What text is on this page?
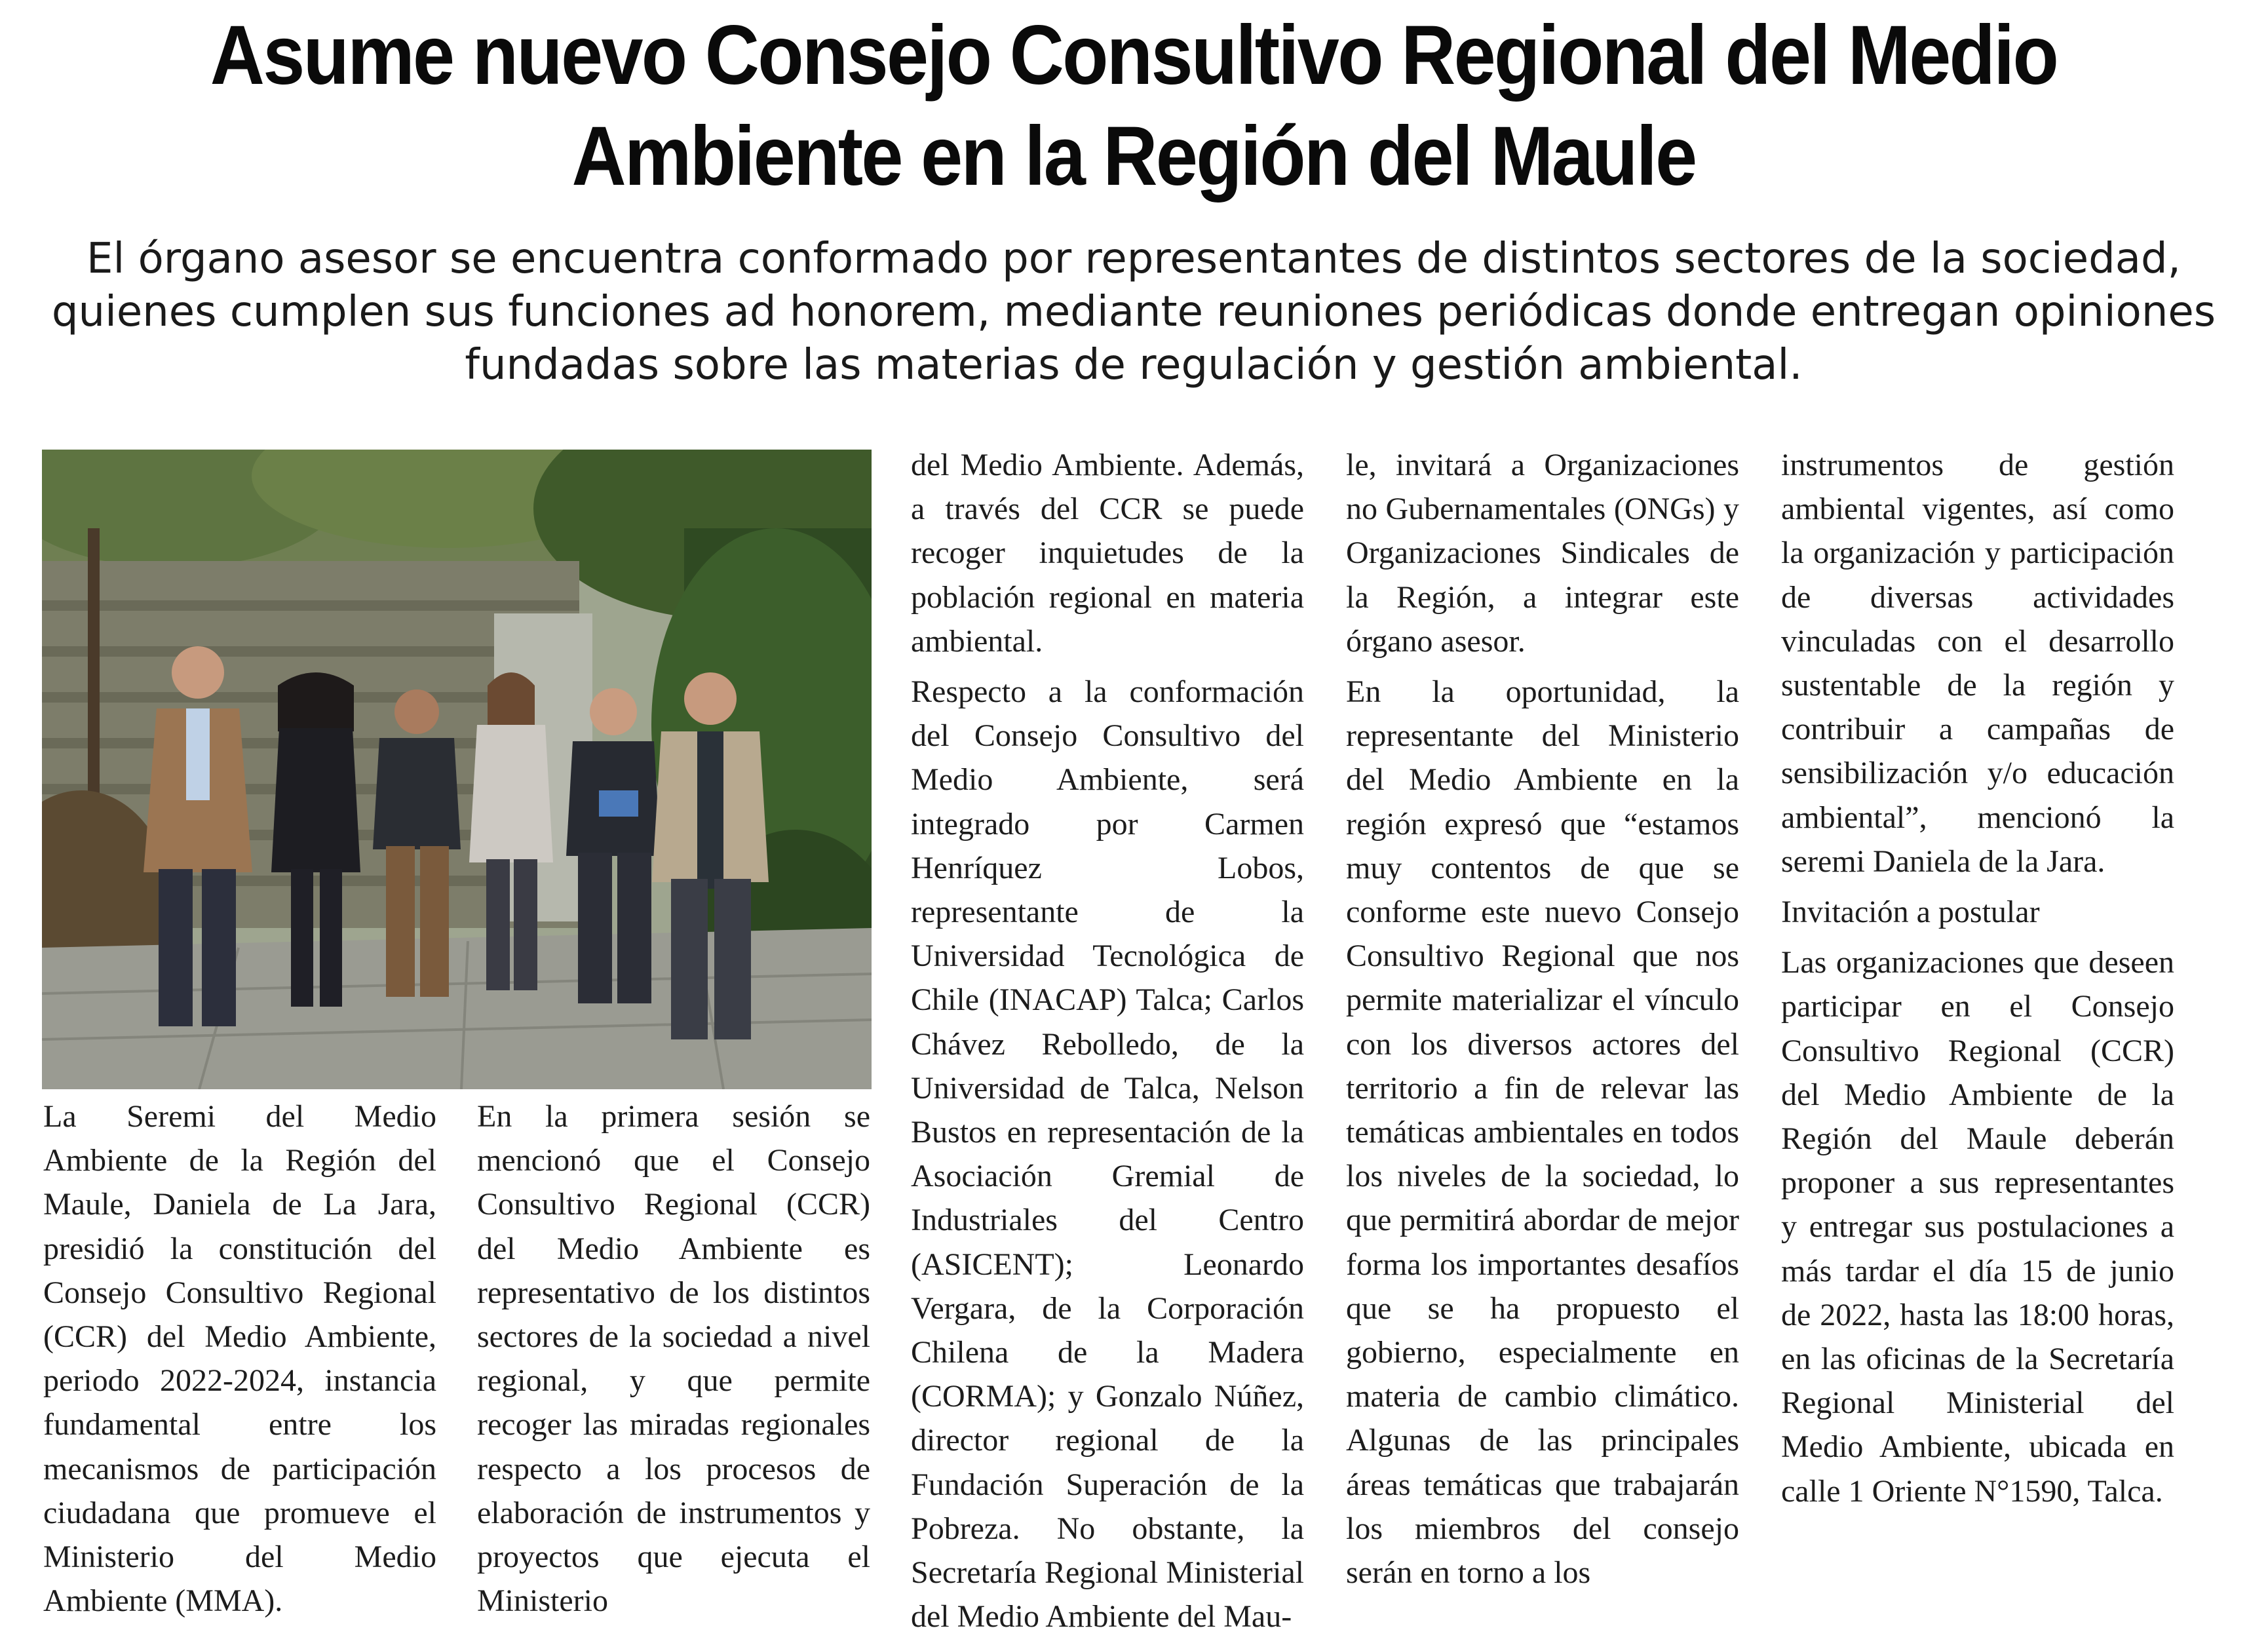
Asume nuevo Consejo Consultivo Regional del Medio Ambiente en la Región del Maule

El órgano asesor se encuentra conformado por representantes de distintos sectores de la sociedad, quienes cumplen sus funciones ad honorem, mediante reuniones periódicas donde entregan opiniones fundadas sobre las materias de regulación y gestión ambiental.

La Seremi del Medio Ambiente de la Región del Maule, Daniela de La Jara, presidió la constitución del Consejo Consultivo Regional (CCR) del Medio Ambiente, periodo 2022-2024, instancia fundamental entre los mecanismos de participación ciudadana que promueve el Ministerio del Medio Ambiente (MMA).

En la primera sesión se mencionó que el Consejo Consultivo Regional (CCR) del Medio Ambiente es representativo de los distintos sectores de la sociedad a nivel regional, y que permite recoger las miradas regionales respecto a los procesos de elaboración de instrumentos y proyectos que ejecuta el Ministerio

del Medio Ambiente. Además, a través del CCR se puede recoger inquietudes de la población regional en materia ambiental.

Respecto a la conformación del Consejo Consultivo del Medio Ambiente, será integrado por Carmen Henríquez Lobos, representante de la Universidad Tecnológica de Chile (INACAP) Talca; Carlos Chávez Rebolledo, de la Universidad de Talca, Nelson Bustos en representación de la Asociación Gremial de Industriales del Centro (ASICENT); Leonardo Vergara, de la Corporación Chilena de la Madera (CORMA); y Gonzalo Núñez, director regional de la Fundación Superación de la Pobreza. No obstante, la Secretaría Regional Ministerial del Medio Ambiente del Mau-

le, invitará a Organizaciones no Gubernamentales (ONGs) y Organizaciones Sindicales de la Región, a integrar este órgano asesor.

En la oportunidad, la representante del Ministerio del Medio Ambiente en la región expresó que “estamos muy contentos de que se conforme este nuevo Consejo Consultivo Regional que nos permite materializar el vínculo con los diversos actores del territorio a fin de relevar las temáticas ambientales en todos los niveles de la sociedad, lo que permitirá abordar de mejor forma los importantes desafíos que se ha propuesto el gobierno, especialmente en materia de cambio climático. Algunas de las principales áreas temáticas que trabajarán los miembros del consejo serán en torno a los

instrumentos de gestión ambiental vigentes, así como la organización y participación de diversas actividades vinculadas con el desarrollo sustentable de la región y contribuir a campañas de sensibilización y/o educación ambiental”, mencionó la seremi Daniela de la Jara.

Invitación a postular

Las organizaciones que deseen participar en el Consejo Consultivo Regional (CCR) del Medio Ambiente de la Región del Maule deberán proponer a sus representantes y entregar sus postulaciones a más tardar el día 15 de junio de 2022, hasta las 18:00 horas, en las oficinas de la Secretaría Regional Ministerial del Medio Ambiente, ubicada en calle 1 Oriente N°1590, Talca.
